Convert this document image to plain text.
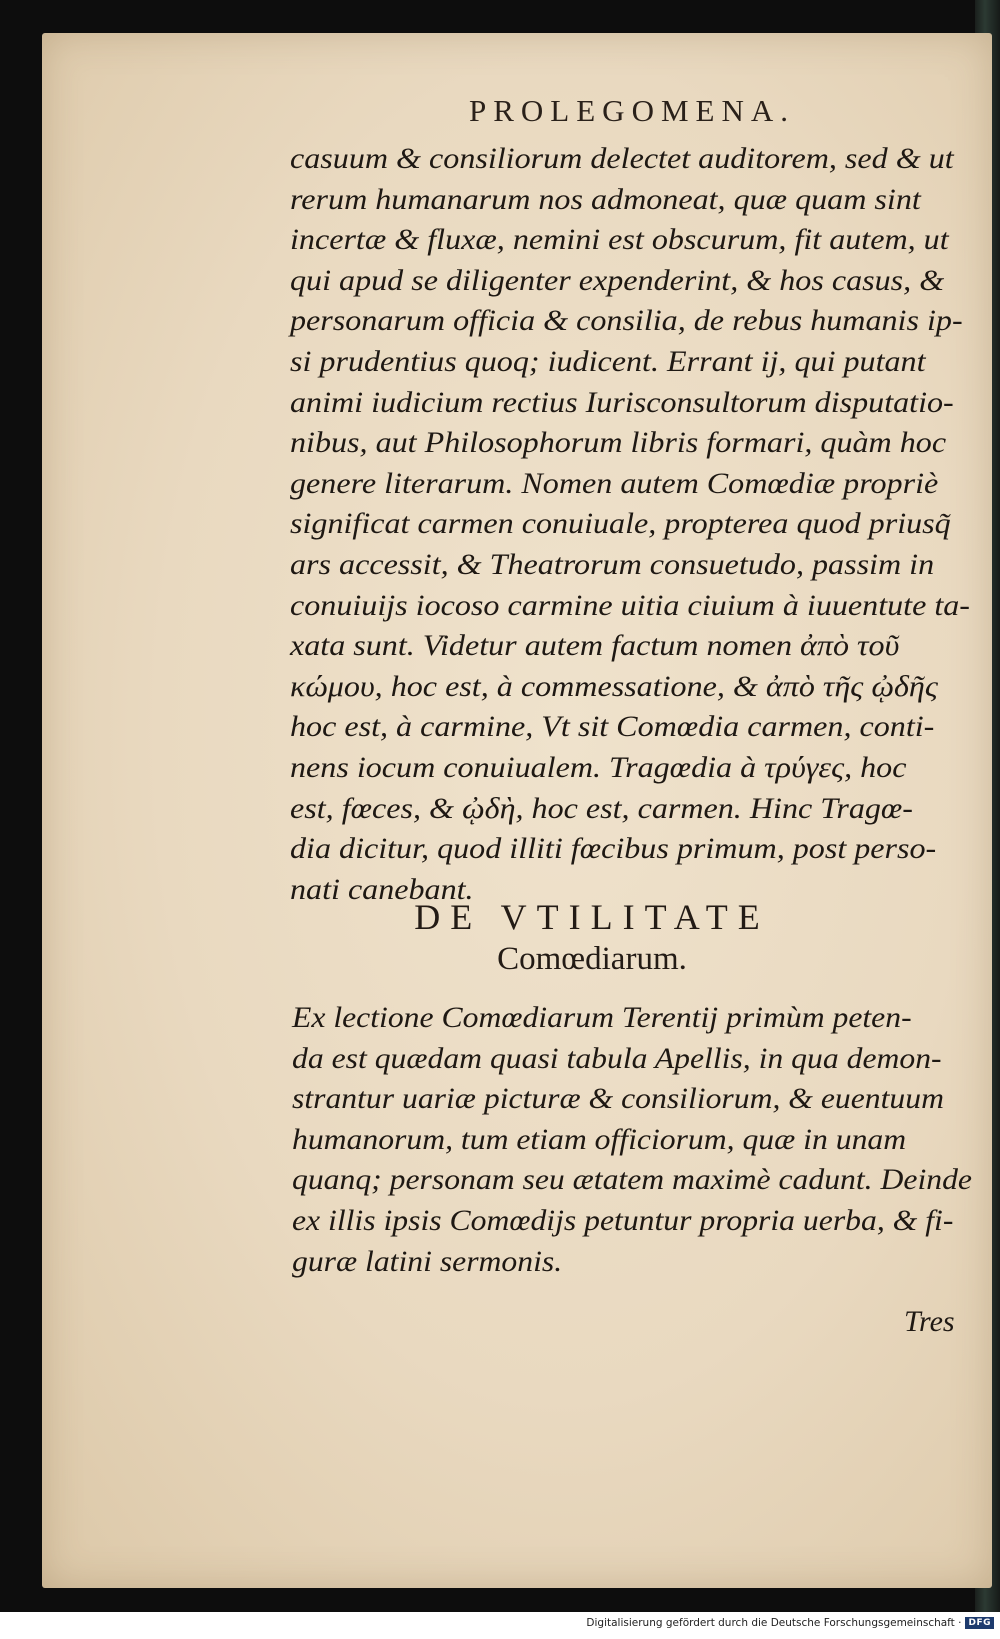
PROLEGOMENA.
casuum & consiliorum delectet auditorem, sed & ut
rerum humanarum nos admoneat, quæ quam sint
incertæ & fluxæ, nemini est obscurum, fit autem, ut
qui apud se diligenter expenderint, & hos casus, &
personarum officia & consilia, de rebus humanis ip-
si prudentius quoq; iudicent. Errant ij, qui putant
animi iudicium rectius Iurisconsultorum disputatio-
nibus, aut Philosophorum libris formari, quàm hoc
genere literarum. Nomen autem Comœdiæ propriè
significat carmen conuiuale, propterea quod priusq̃
ars accessit, & Theatrorum consuetudo, passim in
conuiuijs iocoso carmine uitia ciuium à iuuentute ta-
xata sunt. Videtur autem factum nomen ἀπὸ τοῦ
κώμου, hoc est, à commessatione, & ἀπὸ τῆς ᾠδῆς
hoc est, à carmine, Vt sit Comœdia carmen, conti-
nens iocum conuiualem. Tragœdia à τρύγες, hoc
est, fœces, & ᾠδὴ, hoc est, carmen. Hinc Tragœ-
dia dicitur, quod illiti fœcibus primum, post perso-
nati canebant.
DE VTILITATE
Comœdiarum.
Ex lectione Comœdiarum Terentij primùm peten-
da est quædam quasi tabula Apellis, in qua demon-
strantur uariæ picturæ & consiliorum, & euentuum
humanorum, tum etiam officiorum, quæ in unam
quanq; personam seu ætatem maximè cadunt. Deinde
ex illis ipsis Comœdijs petuntur propria uerba, & fi-
guræ latini sermonis.
Tres
Digitalisierung gefördert durch die Deutsche Forschungsgemeinschaft · DFG
